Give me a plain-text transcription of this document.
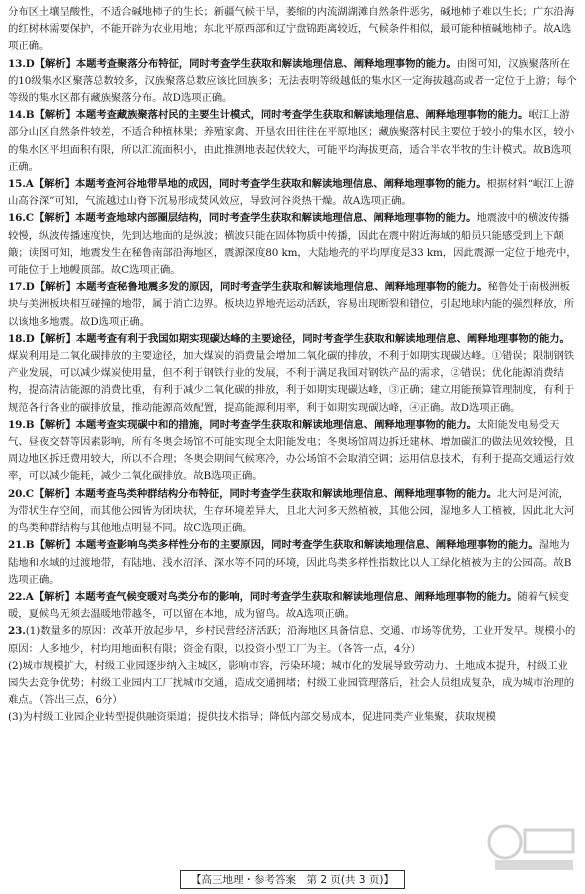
分布区土壤呈酸性，不适合碱地柿子的生长；新疆气候干旱，萎缩的内流湖湖滩自然条件恶劣，碱地柿子难以生长；广东沿海的红树林需要保护，不能开辟为农业用地；东北平原西部和辽宁盘锦距离较近，气候条件相似，最可能种植碱地柿子。故A选项正确。

13.D【解析】本题考查聚落分布特征，同时考查学生获取和解读地理信息、阐释地理事物的能力。由图可知，汉族聚落所在的10级集水区聚落总数较多，汉族聚落总数应该比回族多；无法表明等级越低的集水区一定海拔越高或者一定位于上游；每个等级的集水区都有藏族聚落分布。故D选项正确。

14.B【解析】本题考查藏族聚落村民的主要生计模式，同时考查学生获取和解读地理信息、阐释地理事物的能力。岷江上游部分山区自然条件较差，不适合种植林果；养殖家禽、开垦农田往往在平原地区；藏族聚落村民主要位于较小的集水区，较小的集水区平坦面积有限，所以汇流面积小，由此推测地表起伏较大，可能平均海拔更高，适合半农半牧的生计模式。故B选项正确。

15.A【解析】本题考查河谷地带旱地的成因，同时考查学生获取和解读地理信息、阐释地理事物的能力。根据材料“岷江上游山高谷深”可知，气流越过山脊下沉易形成焚风效应，导致河谷炎热干燥。故A选项正确。

16.C【解析】本题考查地球内部圈层结构，同时考查学生获取和解读地理信息、阐释地理事物的能力。地震波中的横波传播较慢，纵波传播速度快，先到达地面的是纵波；横波只能在固体物质中传播，因此在震中附近海域的船员只能感受到上下颠簸；读图可知，地震发生在秘鲁南部沿海地区，震源深度80 km，大陆地壳的平均厚度是33 km，因此震源一定位于地壳中，可能位于上地幔顶部。故C选项正确。

17.D【解析】本题考查秘鲁地震多发的原因，同时考查学生获取和解读地理信息、阐释地理事物的能力。秘鲁处于南极洲板块与美洲板块相互碰撞的地带，属于消亡边界。板块边界地壳运动活跃，容易出现断裂和错位，引起地球内能的强烈释放，所以该地多地震。故D选项正确。

18.D【解析】本题考查有利于我国如期实现碳达峰的主要途径，同时考查学生获取和解读地理信息、阐释地理事物的能力。煤炭利用是二氧化碳排放的主要途径，加大煤炭的消费量会增加二氧化碳的排放，不利于如期实现碳达峰。①错误；限制钢铁产业发展，可以减少煤炭使用量，但不利于钢铁行业的发展，不利于满足我国对钢铁产品的需求，②错误；优化能源消费结构，提高清洁能源的消费比重，有利于减少二氧化碳的排放，利于如期实现碳达峰，③正确；建立用能预算管理制度，有利于规范各行各业的碳排放量，推动能源高效配置，提高能源利用率，利于如期实现碳达峰，④正确。故D选项正确。

19.B【解析】本题考查实现碳中和的措施，同时考查学生获取和解读地理信息、阐释地理事物的能力。太阳能发电易受天气、昼夜交替等因素影响，所有冬奥会场馆不可能实现全太阳能发电；冬奥场馆周边拆迁建林、增加碳汇的做法见效较慢，且周边地区拆迁费用较大，所以不合理；冬奥会期间气候寒冷，办公场馆不会取消空调；运用信息技术，有利于提高交通运行效率，可以减少能耗，减少二氧化碳排放。故B选项正确。

20.C【解析】本题考查鸟类种群结构分布特征，同时考查学生获取和解读地理信息、阐释地理事物的能力。北大河是河流，为带状生存空间，而其他公园皆为团块状，生存环境差异大，且北大河多天然植被，其他公园，湿地多人工植被，因此北大河的鸟类种群结构与其他地点明显不同。故C选项正确。

21.B【解析】本题考查影响鸟类多样性分布的主要原因，同时考查学生获取和解读地理信息、阐释地理事物的能力。湿地为陆地和水域的过渡地带，有陆地、浅水沼泽、深水等不同的环境，因此鸟类多样性指数比以人工绿化植被为主的公园高。故B选项正确。

22.A【解析】本题考查气候变暖对鸟类分布的影响，同时考查学生获取和解读地理信息、阐释地理事物的能力。随着气候变暖，夏候鸟无须去温暖地带越冬，可以留在本地，成为留鸟。故A选项正确。

23.(1)数量多的原因：改革开放起步早，乡村民营经济活跃；沿海地区具备信息、交通、市场等优势，工业开发早。规模小的原因：人多地少，村均用地面积有限；资金有限，以投资小型工厂为主。（各答一点，4分）

(2)城市规模扩大，村级工业园逐步纳入主城区，影响市容，污染环境；城市化的发展导致劳动力、土地成本提升，村级工业园失去竞争优势；村级工业园内工厂扰城市交通，造成交通拥堵；村级工业园管理落后，社会人员组成复杂，成为城市治理的难点。（答出三点，6分）

(3)为村级工业园企业转型提供融资渠道；提供技术指导；降低内部交易成本，促进同类产业集聚，获取规模

【高三地理・参考答案　第 2 页(共 3 页)】
